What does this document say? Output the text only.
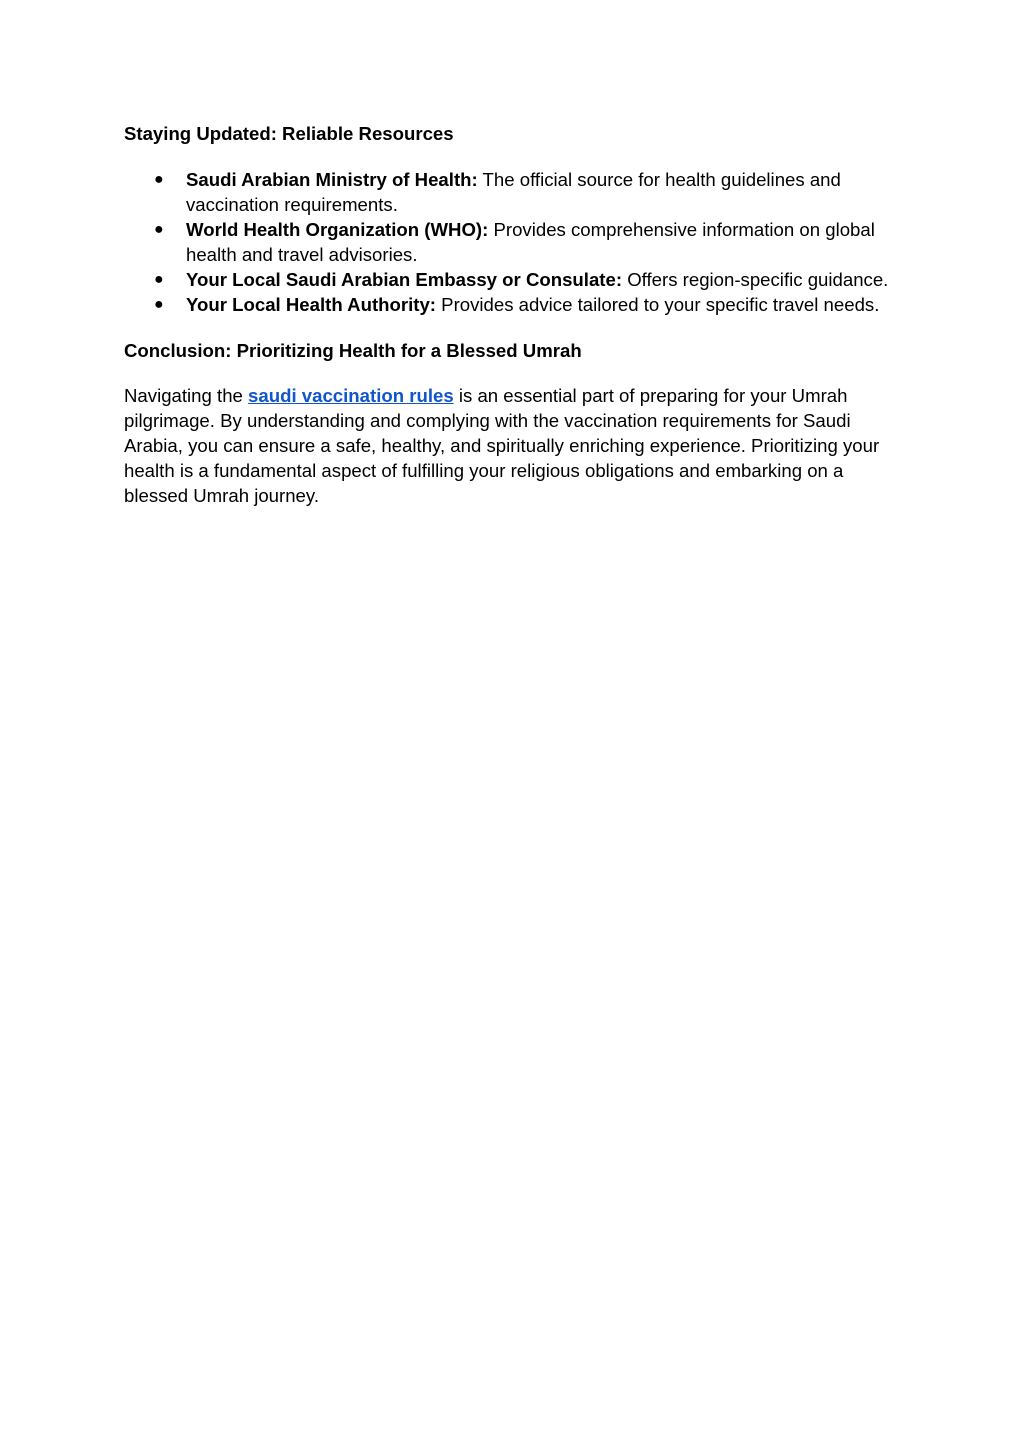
Staying Updated: Reliable Resources

● Saudi Arabian Ministry of Health: The official source for health guidelines and vaccination requirements.
● World Health Organization (WHO): Provides comprehensive information on global health and travel advisories.
● Your Local Saudi Arabian Embassy or Consulate: Offers region-specific guidance.
● Your Local Health Authority: Provides advice tailored to your specific travel needs.

Conclusion: Prioritizing Health for a Blessed Umrah

Navigating the saudi vaccination rules is an essential part of preparing for your Umrah pilgrimage. By understanding and complying with the vaccination requirements for Saudi Arabia, you can ensure a safe, healthy, and spiritually enriching experience. Prioritizing your health is a fundamental aspect of fulfilling your religious obligations and embarking on a blessed Umrah journey.
